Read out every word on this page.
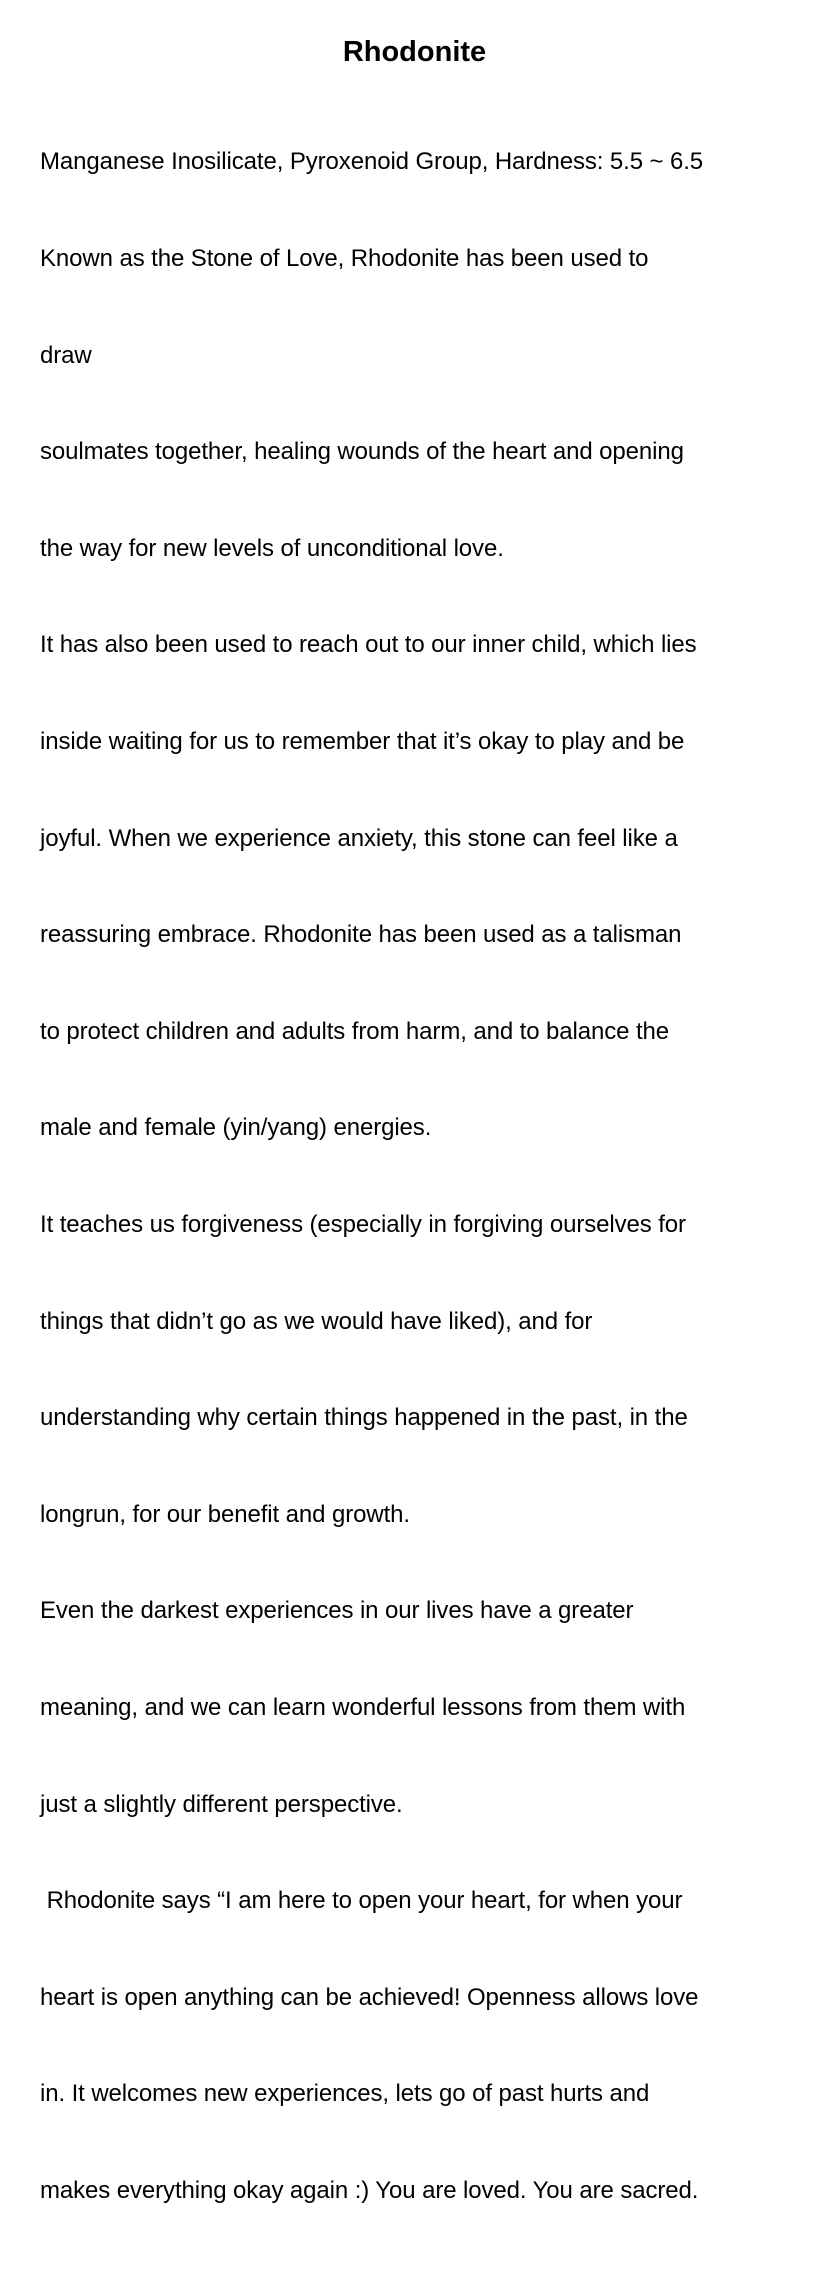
Rhodonite

Manganese Inosilicate, Pyroxenoid Group, Hardness: 5.5 ~ 6.5

Known as the Stone of Love, Rhodonite has been used to

draw

soulmates together, healing wounds of the heart and opening

the way for new levels of unconditional love.

It has also been used to reach out to our inner child, which lies

inside waiting for us to remember that it’s okay to play and be

joyful. When we experience anxiety, this stone can feel like a

reassuring embrace. Rhodonite has been used as a talisman

to protect children and adults from harm, and to balance the

male and female (yin/yang) energies.

It teaches us forgiveness (especially in forgiving ourselves for

things that didn’t go as we would have liked), and for

understanding why certain things happened in the past, in the

longrun, for our benefit and growth.

Even the darkest experiences in our lives have a greater

meaning, and we can learn wonderful lessons from them with

just a slightly different perspective.

Rhodonite says “I am here to open your heart, for when your

heart is open anything can be achieved! Openness allows love

in. It welcomes new experiences, lets go of past hurts and

makes everything okay again :) You are loved. You are sacred.
